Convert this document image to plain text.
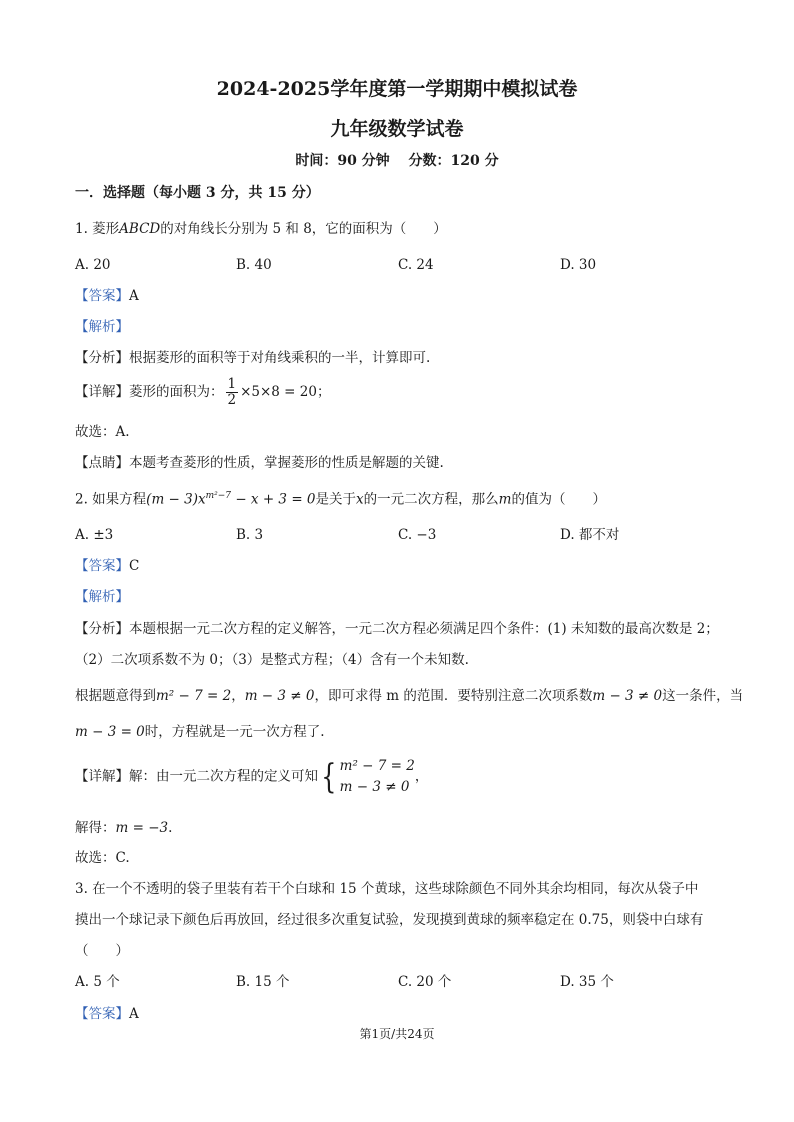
2024-2025学年度第一学期期中模拟试卷
九年级数学试卷
时间：90 分钟　 分数：120 分
一．选择题（每小题 3 分，共 15 分）
1. 菱形ABCD的对角线长分别为 5 和 8，它的面积为（　　）
A. 20	B. 40	C. 24	D. 30
【答案】A
【解析】
【分析】根据菱形的面积等于对角线乘积的一半，计算即可.
【详解】菱形的面积为： $\frac{1}{2} \times 5\times 8 = 20$；
故选：A.
【点睛】本题考查菱形的性质，掌握菱形的性质是解题的关键.
2. 如果方程$(m - 3)x^{m^2-7} - x + 3 = 0$是关于x的一元二次方程，那么m的值为（　　）
A. ±3	B. 3	C. −3	D. 都不对
【答案】C
【解析】
【分析】本题根据一元二次方程的定义解答，一元二次方程必须满足四个条件：(1) 未知数的最高次数是 2；
（2）二次项系数不为 0；（3）是整式方程；（4）含有一个未知数.
根据题意得到m² − 7 = 2，m − 3 ≠ 0，即可求得 m 的范围．要特别注意二次项系数m − 3 ≠ 0这一条件，当
m − 3 = 0时，方程就是一元一次方程了.
【详解】解：由一元二次方程的定义可知{ m² − 7 = 2
m − 3 ≠ 0
，
解得：m = −3.
故选：C.
3. 在一个不透明的袋子里装有若干个白球和 15 个黄球，这些球除颜色不同外其余均相同，每次从袋子中
摸出一个球记录下颜色后再放回，经过很多次重复试验，发现摸到黄球的频率稳定在 0.75，则袋中白球有
（　　）
A. 5 个	B. 15 个	C. 20 个	D. 35 个
【答案】A
第1页/共24页
